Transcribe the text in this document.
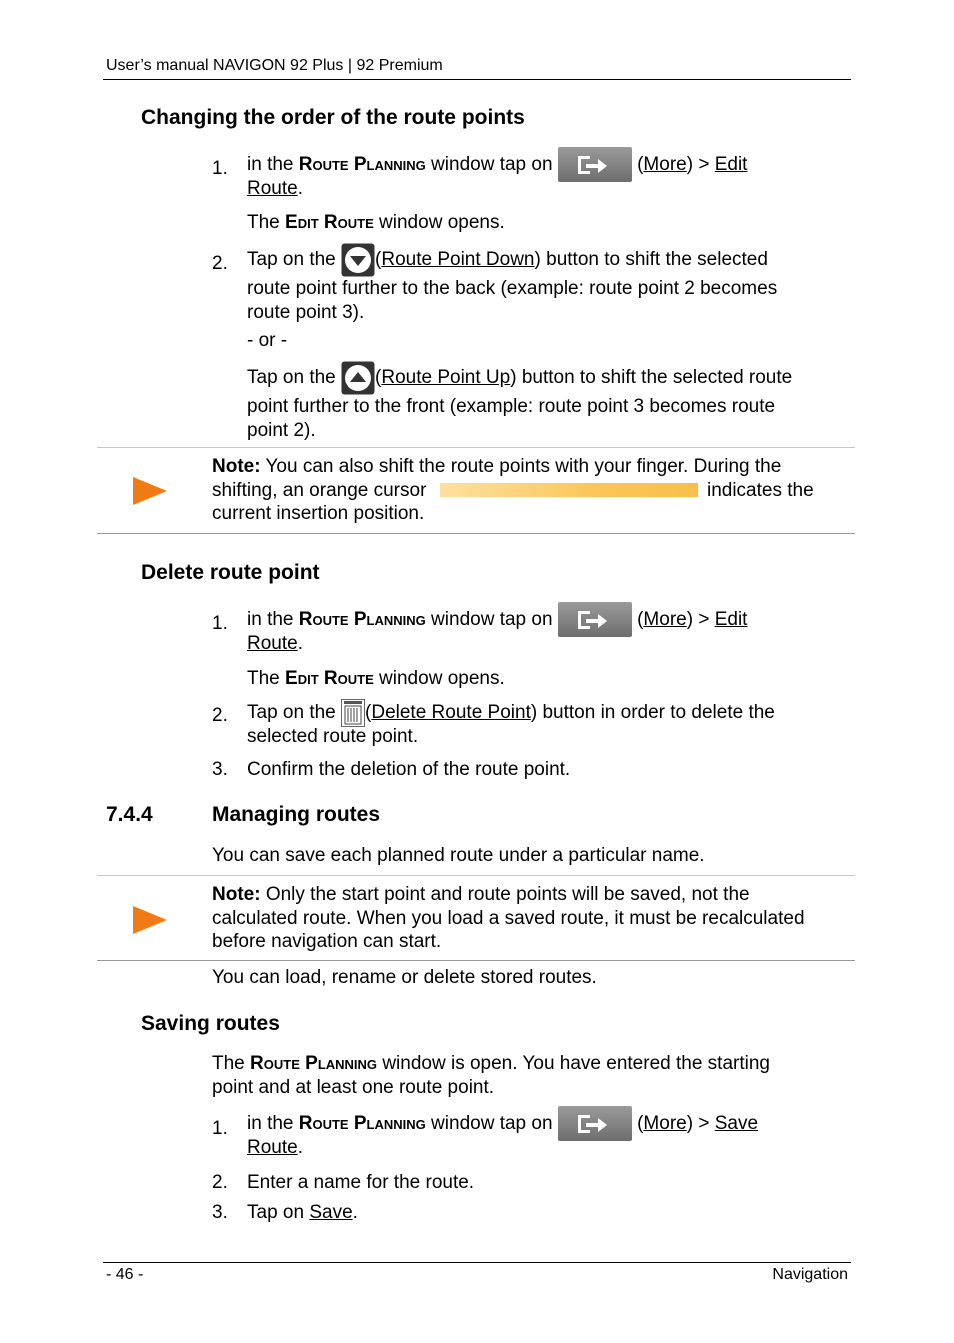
User’s manual NAVIGON 92 Plus | 92 Premium
Changing the order of the route points
1.	in the Route Planning window tap on	(More) > Edit
Route.
The Edit Route window opens.
2.	Tap on the (Route Point Down) button to shift the selected
route point further to the back (example: route point 2 becomes
route point 3).
- or -
Tap on the (Route Point Up) button to shift the selected route
point further to the front (example: route point 3 becomes route
point 2).
Note: You can also shift the route points with your finger. During the
shifting, an orange cursor	indicates the
current insertion position.
Delete route point
1.	in the Route Planning window tap on	(More) > Edit
Route.
The Edit Route window opens.
2.	Tap on the (Delete Route Point) button in order to delete the
selected route point.
3.	Confirm the deletion of the route point.
7.4.4	Managing routes
You can save each planned route under a particular name.
Note: Only the start point and route points will be saved, not the
calculated route. When you load a saved route, it must be recalculated
before navigation can start.
You can load, rename or delete stored routes.
Saving routes
The Route Planning window is open. You have entered the starting
point and at least one route point.
1.	in the Route Planning window tap on	(More) > Save
Route.
2.	Enter a name for the route.
3.	Tap on Save.
- 46 -	Navigation
